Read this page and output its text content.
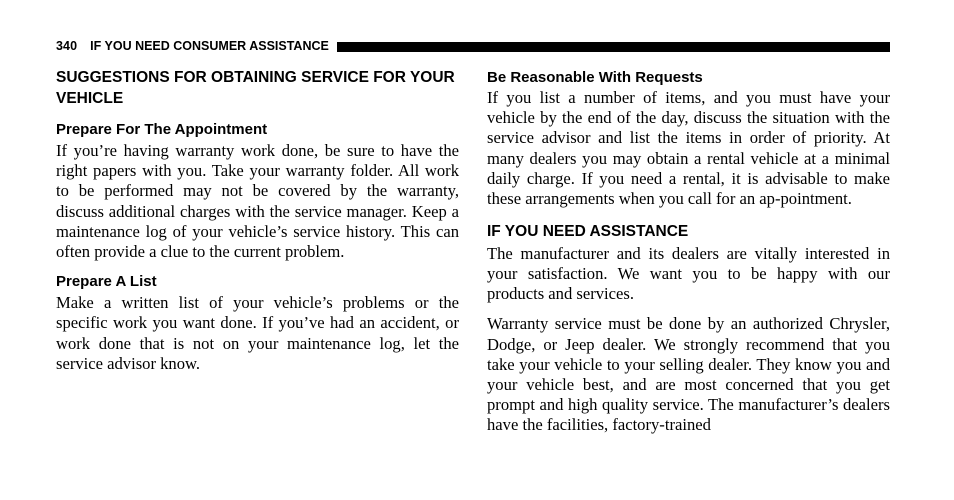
340 IF YOU NEED CONSUMER ASSISTANCE
SUGGESTIONS FOR OBTAINING SERVICE FOR YOUR VEHICLE
Prepare For The Appointment

If you’re having warranty work done, be sure to have the right papers with you. Take your warranty folder. All work to be performed may not be covered by the warranty, discuss additional charges with the service manager. Keep a maintenance log of your vehicle’s service history. This can often provide a clue to the current problem.

Prepare A List

Make a written list of your vehicle’s problems or the specific work you want done. If you’ve had an accident, or work done that is not on your maintenance log, let the service advisor know.

Be Reasonable With Requests

If you list a number of items, and you must have your vehicle by the end of the day, discuss the situation with the service advisor and list the items in order of priority. At many dealers you may obtain a rental vehicle at a minimal daily charge. If you need a rental, it is advisable to make these arrangements when you call for an ap-pointment.

IF YOU NEED ASSISTANCE

The manufacturer and its dealers are vitally interested in your satisfaction. We want you to be happy with our products and services.

Warranty service must be done by an authorized Chrysler, Dodge, or Jeep dealer. We strongly recommend that you take your vehicle to your selling dealer. They know you and your vehicle best, and are most concerned that you get prompt and high quality service. The manufacturer’s dealers have the facilities, factory-trained
